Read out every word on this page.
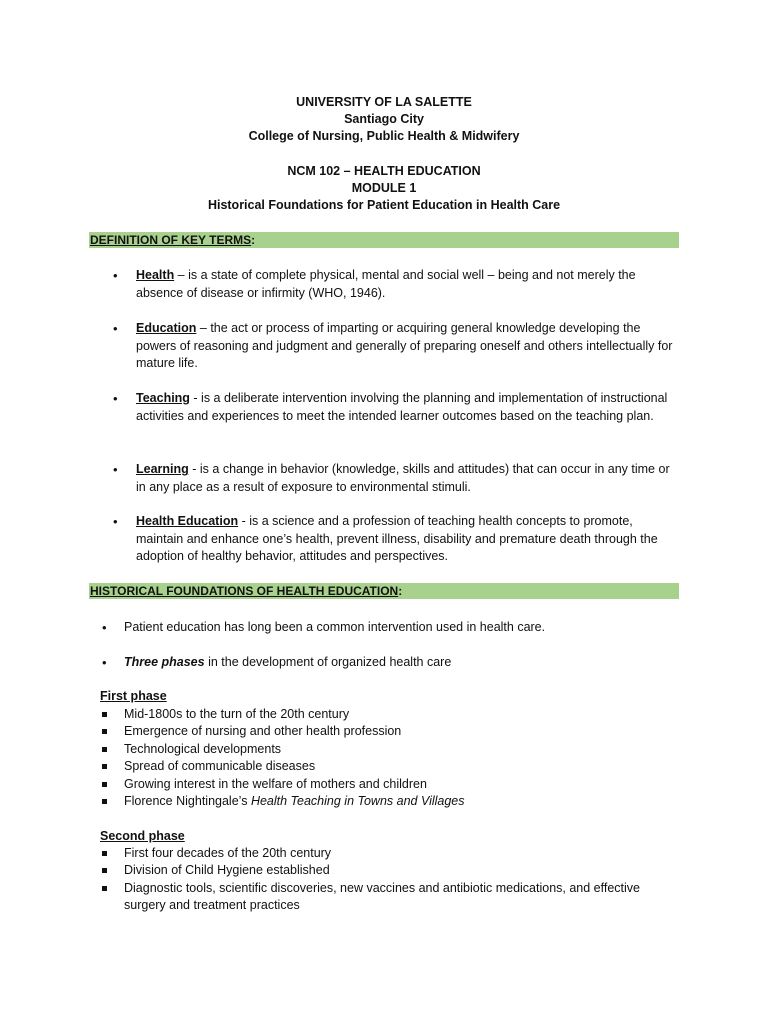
UNIVERSITY OF LA SALETTE
Santiago City
College of Nursing, Public Health & Midwifery
NCM 102 – HEALTH EDUCATION
MODULE 1
Historical Foundations for Patient Education in Health Care
DEFINITION OF KEY TERMS:
• Health – is a state of complete physical, mental and social well – being and not merely the absence of disease or infirmity (WHO, 1946).
• Education – the act or process of imparting or acquiring general knowledge developing the powers of reasoning and judgment and generally of preparing oneself and others intellectually for mature life.
• Teaching - is a deliberate intervention involving the planning and implementation of instructional activities and experiences to meet the intended learner outcomes based on the teaching plan.
• Learning - is a change in behavior (knowledge, skills and attitudes) that can occur in any time or in any place as a result of exposure to environmental stimuli.
• Health Education - is a science and a profession of teaching health concepts to promote, maintain and enhance one’s health, prevent illness, disability and premature death through the adoption of healthy behavior, attitudes and perspectives.
HISTORICAL FOUNDATIONS OF HEALTH EDUCATION:
• Patient education has long been a common intervention used in health care.
• Three phases in the development of organized health care
First phase
Mid-1800s to the turn of the 20th century
Emergence of nursing and other health profession
Technological developments
Spread of communicable diseases
Growing interest in the welfare of mothers and children
Florence Nightingale’s Health Teaching in Towns and Villages
Second phase
First four decades of the 20th century
Division of Child Hygiene established
Diagnostic tools, scientific discoveries, new vaccines and antibiotic medications, and effective surgery and treatment practices
